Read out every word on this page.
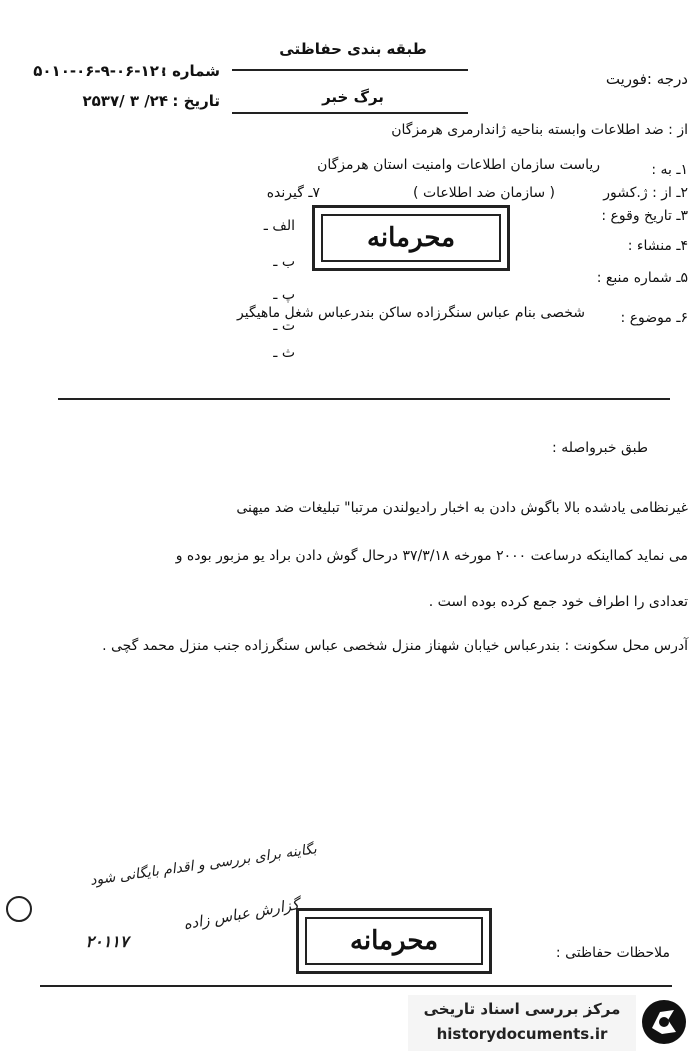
طبقه بندی حفاظتی
درجه :فوریت
برگ خبر
شماره :
۵۰۱۰-۰۶-۹-۰۶-۱۲۰
تاریخ :
۲۵۳۷/ ۳ /۲۴
از : ضد اطلاعات وابسته بناحیه ژاندارمری هرمزگان
۱ـ به :
ریاست سازمان اطلاعات وامنیت استان هرمزگان
۲ـ از : ژ.کشور
( سازمان ضد اطلاعات )
۳ـ تاریخ وقوع :
۴ـ منشاء :
۵ـ شماره منبع :
۶ـ موضوع :
شخصی بنام عباس سنگرزاده ساکن بندرعباس شغل ماهیگیر
۷ـ گیرنده
الف ـ
ب ـ
پ ـ
ت ـ
ث ـ
محرمانه
طبق خبرواصله :
غیرنظامی یادشده بالا باگوش دادن به اخبار رادیولندن مرتبا" تبلیغات ضد میهنی
می نماید کمااینکه درساعت ۲۰۰۰ مورخه ۳۷/۳/۱۸ درحال گوش دادن براد یو مزبور بوده و
تعدادی را اطراف خود جمع کرده بوده است .
آدرس محل سکونت : بندرعباس خیابان شهناز منزل شخصی عباس سنگرزاده جنب منزل محمد گچی .
بگاینه برای بررسی و اقدام بایگانی شود
گزارش عباس زاده
۲۰۱۱۷	محرمانه	ملاحظات حفاظتی :
مرکز بررسی اسناد تاریخی
historydocuments.ir
